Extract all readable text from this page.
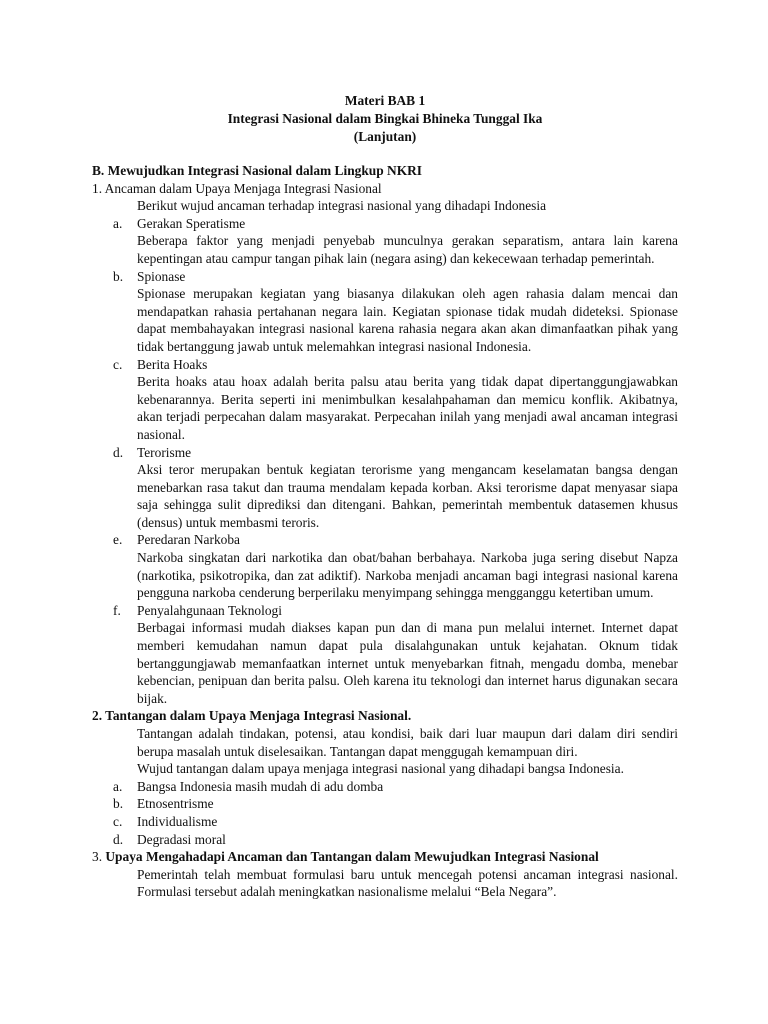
Materi BAB 1
Integrasi Nasional dalam Bingkai Bhineka Tunggal Ika
(Lanjutan)
B. Mewujudkan Integrasi Nasional dalam Lingkup NKRI
1. Ancaman dalam Upaya Menjaga Integrasi Nasional
Berikut wujud ancaman terhadap integrasi nasional yang dihadapi Indonesia
a.	Gerakan Speratisme
Beberapa faktor yang menjadi penyebab munculnya gerakan separatism, antara lain karena kepentingan atau campur tangan pihak lain (negara asing) dan kekecewaan terhadap pemerintah.
b.	Spionase
Spionase merupakan kegiatan yang biasanya dilakukan oleh agen rahasia dalam mencai dan mendapatkan rahasia pertahanan negara lain. Kegiatan spionase tidak mudah dideteksi. Spionase dapat membahayakan integrasi nasional karena rahasia negara akan akan dimanfaatkan pihak yang tidak bertanggung jawab untuk melemahkan integrasi nasional Indonesia.
c.	Berita Hoaks
Berita hoaks atau hoax adalah berita palsu atau berita yang tidak dapat dipertanggungjawabkan kebenarannya. Berita seperti ini menimbulkan kesalahpahaman dan memicu konflik. Akibatnya, akan terjadi perpecahan dalam masyarakat. Perpecahan inilah yang menjadi awal ancaman integrasi nasional.
d.	Terorisme
Aksi teror merupakan bentuk kegiatan terorisme yang mengancam keselamatan bangsa dengan menebarkan rasa takut dan trauma mendalam kepada korban. Aksi terorisme dapat menyasar siapa saja sehingga sulit diprediksi dan ditengani. Bahkan, pemerintah membentuk datasemen khusus (densus) untuk membasmi teroris.
e.	Peredaran Narkoba
Narkoba singkatan dari narkotika dan obat/bahan berbahaya. Narkoba juga sering disebut Napza (narkotika, psikotropika, dan zat adiktif). Narkoba menjadi ancaman bagi integrasi nasional karena pengguna narkoba cenderung berperilaku menyimpang sehingga mengganggu ketertiban umum.
f.	Penyalahgunaan Teknologi
Berbagai informasi mudah diakses kapan pun dan di mana pun melalui internet. Internet dapat memberi kemudahan namun dapat pula disalahgunakan untuk kejahatan. Oknum tidak bertanggungjawab memanfaatkan internet untuk menyebarkan fitnah, mengadu domba, menebar kebencian, penipuan dan berita palsu. Oleh karena itu teknologi dan internet harus digunakan secara bijak.
2. Tantangan dalam Upaya Menjaga Integrasi Nasional.
Tantangan adalah tindakan, potensi, atau kondisi, baik dari luar maupun dari dalam diri sendiri berupa masalah untuk diselesaikan. Tantangan dapat menggugah kemampuan diri.
Wujud tantangan dalam upaya menjaga integrasi nasional yang dihadapi bangsa Indonesia.
a.	Bangsa Indonesia masih mudah di adu domba
b.	Etnosentrisme
c.	Individualisme
d.	Degradasi moral
3. Upaya Mengahadapi Ancaman dan Tantangan dalam Mewujudkan Integrasi Nasional
Pemerintah telah membuat formulasi baru untuk mencegah potensi ancaman integrasi nasional. Formulasi tersebut adalah meningkatkan nasionalisme melalui “Bela Negara”.
